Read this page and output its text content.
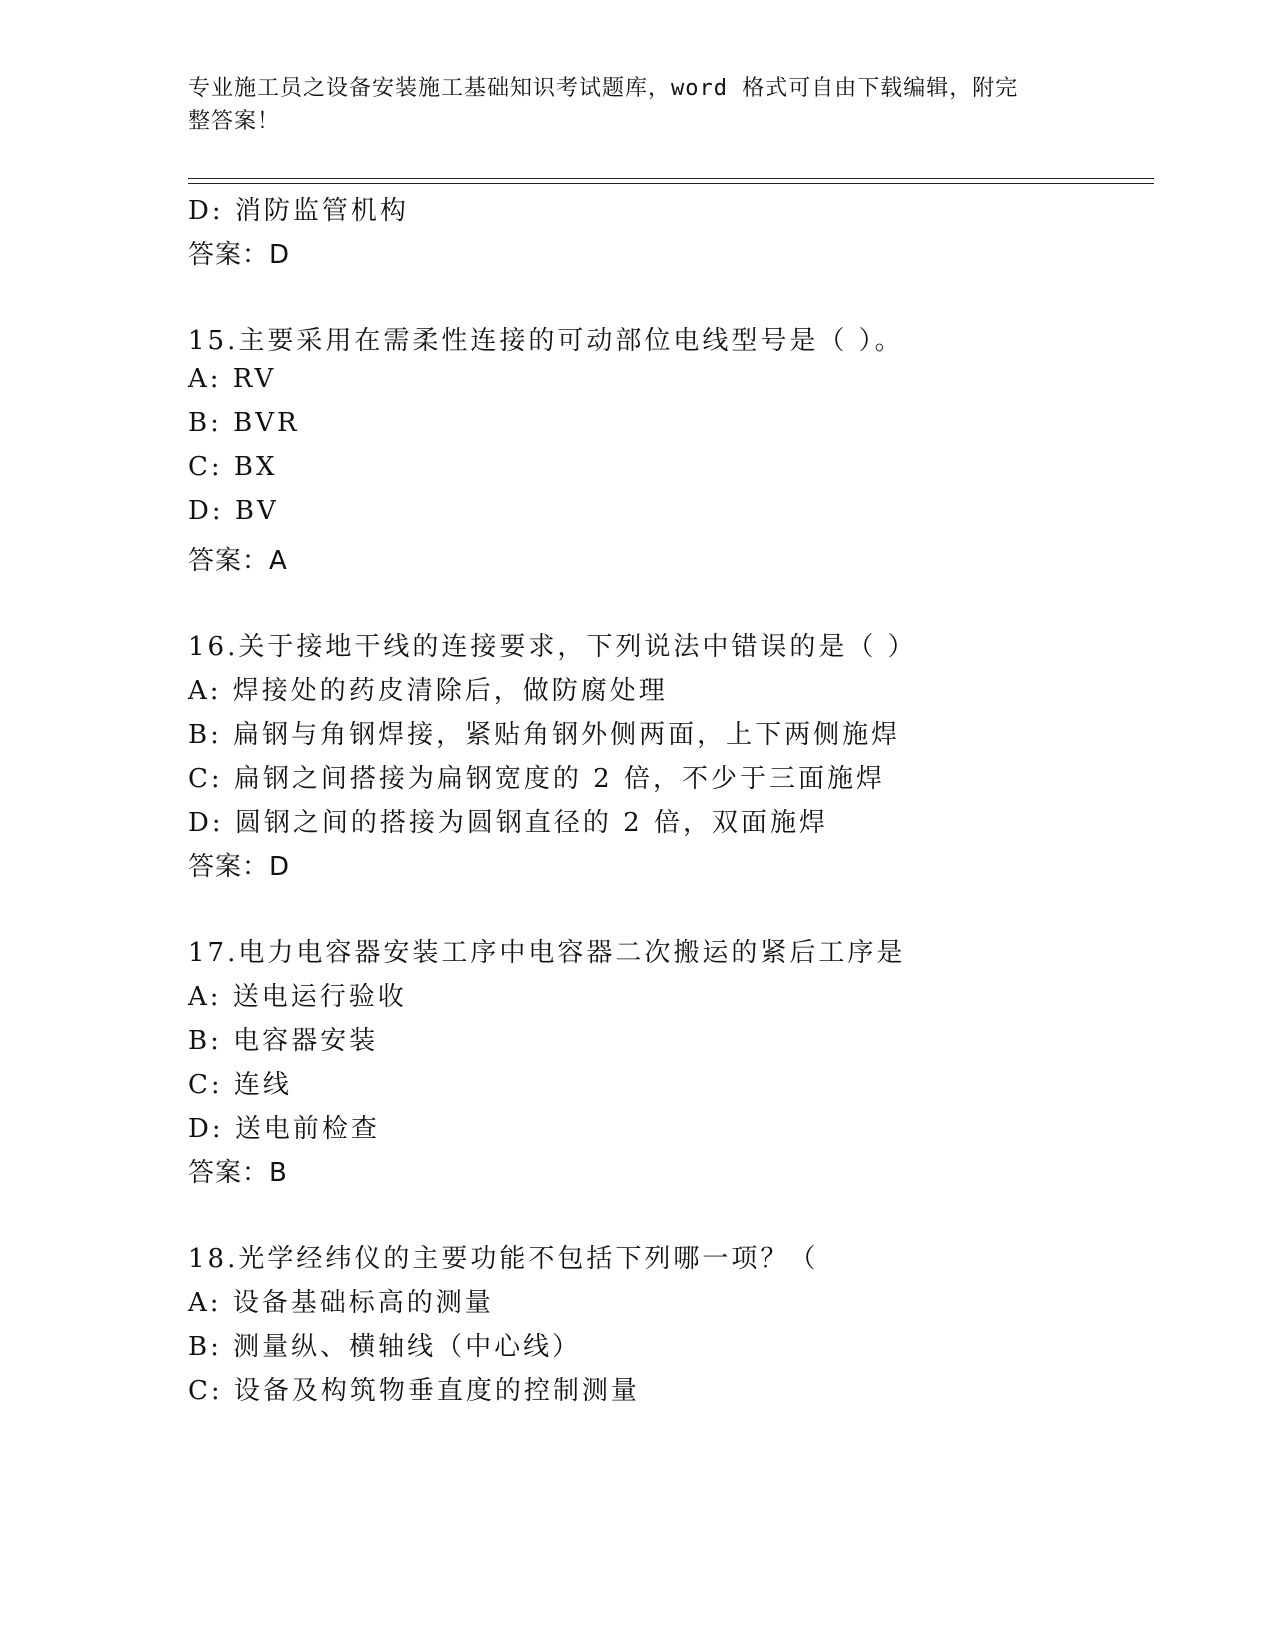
专业施工员之设备安装施工基础知识考试题库，word 格式可自由下载编辑，附完
整答案！
D: 消防监管机构
答案：D
15.主要采用在需柔性连接的可动部位电线型号是（ ）。
A: RV
B: BVR
C: BX
D: BV
答案：A
16.关于接地干线的连接要求，下列说法中错误的是（ ）
A: 焊接处的药皮清除后，做防腐处理
B: 扁钢与角钢焊接，紧贴角钢外侧两面，上下两侧施焊
C: 扁钢之间搭接为扁钢宽度的 2 倍，不少于三面施焊
D: 圆钢之间的搭接为圆钢直径的 2 倍，双面施焊
答案：D
17.电力电容器安装工序中电容器二次搬运的紧后工序是
A: 送电运行验收
B: 电容器安装
C: 连线
D: 送电前检查
答案：B
18.光学经纬仪的主要功能不包括下列哪一项？（
A: 设备基础标高的测量
B: 测量纵、横轴线（中心线）
C: 设备及构筑物垂直度的控制测量
